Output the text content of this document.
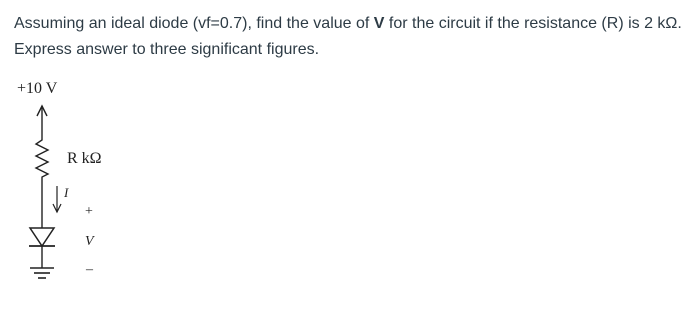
Assuming an ideal diode (vf=0.7), find the value of V for the circuit if the resistance (R) is 2 kΩ.
Express answer to three significant figures.
+10 V
R kΩ
I
+
V
–
